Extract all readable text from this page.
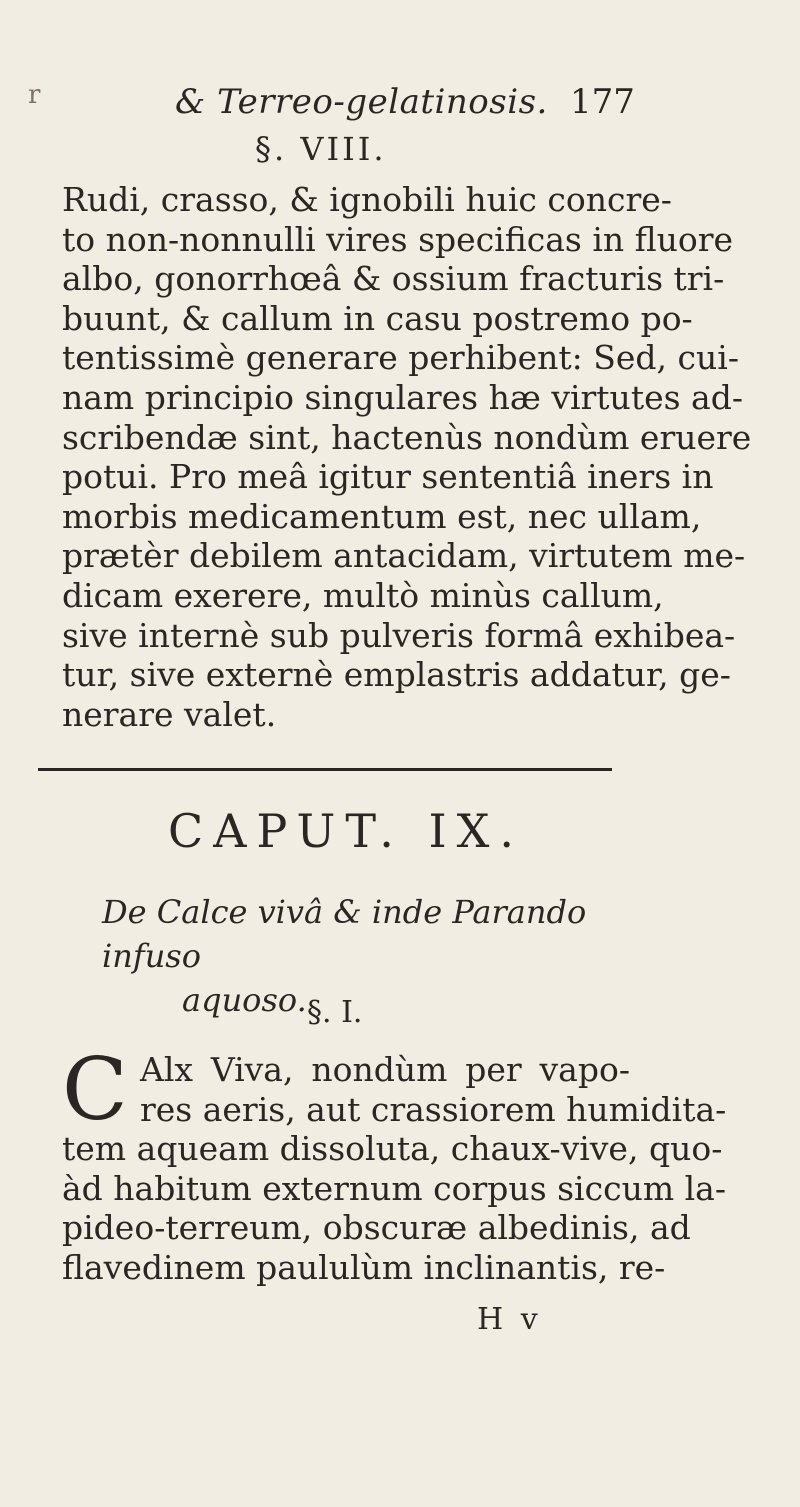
r	& Terreo-gelatinosis. 177
§. VIII.
Rudi, crasso, & ignobili huic concre-
to non-nonnulli vires specificas in fluore
albo, gonorrhœâ & ossium fracturis tri-
buunt, & callum in casu postremo po-
tentissimè generare perhibent: Sed, cui-
nam principio singulares hæ virtutes ad-
scribendæ sint, hactenùs nondùm eruere
potui. Pro meâ igitur sententiâ iners in
morbis medicamentum est, nec ullam,
prætèr debilem antacidam, virtutem me-
dicam exerere, multò minùs callum,
sive internè sub pulveris formâ exhibea-
tur, sive externè emplastris addatur, ge-
nerare valet.
CAPUT. IX.
De Calce vivâ & inde Parando infuso
aquoso. §. I.
C Alx Viva, nondùm per vapo-
res aeris, aut crassiorem humidita-
tem aqueam dissoluta, chaux-vive, quo-
àd habitum externum corpus siccum la-
pideo-terreum, obscuræ albedinis, ad
flavedinem paululùm inclinantis, re-
H v
